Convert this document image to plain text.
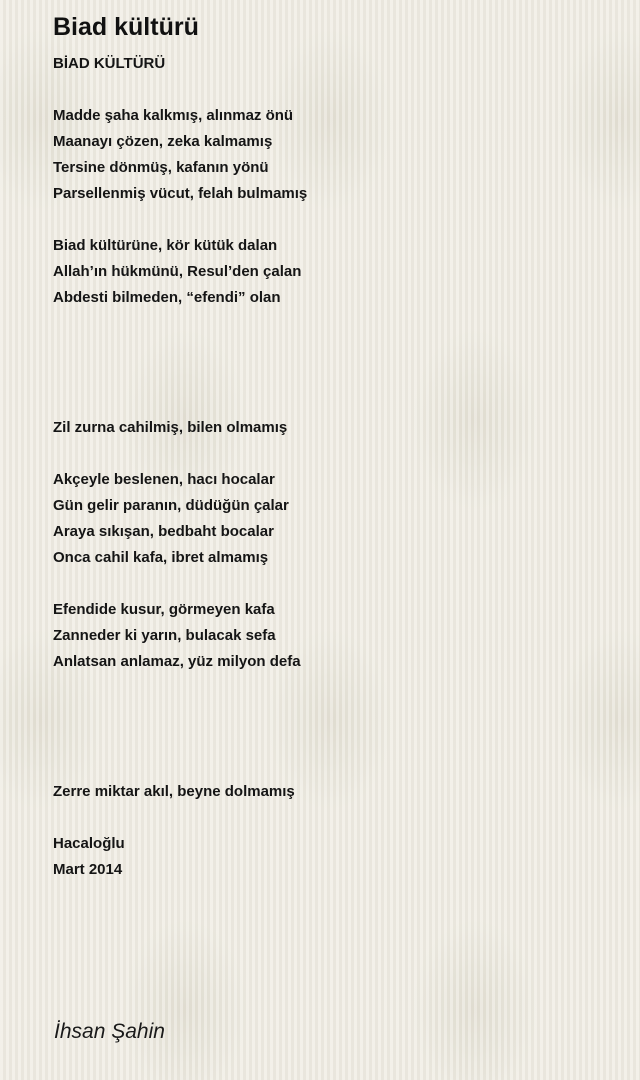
Biad kültürü
BİAD KÜLTÜRÜ
Madde şaha kalkmış, alınmaz önü
Maanayı çözen, zeka kalmamış
Tersine dönmüş, kafanın yönü
Parsellenmiş vücut, felah bulmamış
Biad kültürüne, kör kütük dalan
Allah’ın hükmünü, Resul’den çalan
Abdesti bilmeden, “efendi” olan
Zil zurna cahilmiş, bilen olmamış
Akçeyle beslenen, hacı hocalar
Gün gelir paranın, düdüğün çalar
Araya sıkışan, bedbaht bocalar
Onca cahil kafa, ibret almamış
Efendide kusur, görmeyen kafa
Zanneder ki yarın, bulacak sefa
Anlatsan anlamaz, yüz milyon defa
Zerre miktar akıl, beyne dolmamış
Hacaloğlu
Mart 2014
İhsan Şahin
